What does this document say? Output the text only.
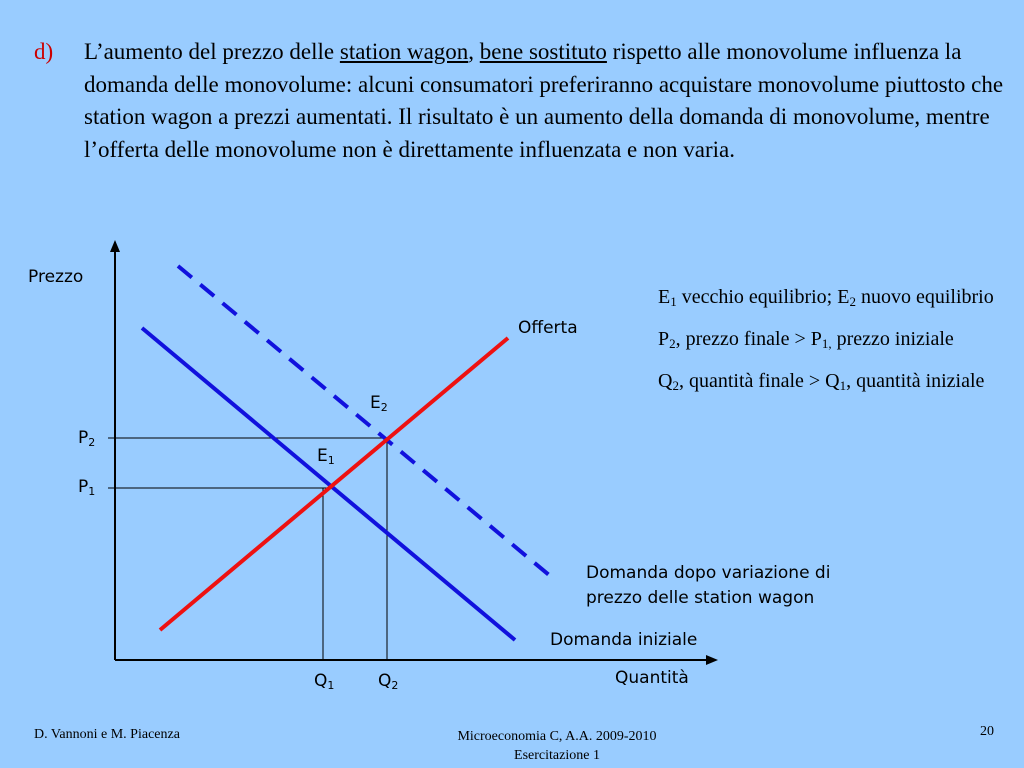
d) L’aumento del prezzo delle station wagon, bene sostituto rispetto alle monovolume influenza la domanda delle monovolume: alcuni consumatori preferiranno acquistare monovolume piuttosto che station wagon a prezzi aumentati. Il risultato è un aumento della domanda di monovolume, mentre l’offerta delle monovolume non è direttamente influenzata e non varia.
Prezzo
Quantità
Offerta
Domanda iniziale
Domanda dopo variazione di
prezzo delle station wagon
$E_2$
$E_1$
$P_2$
$P_1$
$Q_1$	$Q_2$

$E_1$ vecchio equilibrio; $E_2$ nuovo equilibrio

$P_2$, prezzo finale > $P_{1,}$ prezzo iniziale

$Q_2$, quantità finale > $Q_1$, quantità iniziale

D. Vannoni e M. Piacenza	Microeconomia C, A.A. 2009-2010
Esercitazione 1
20
